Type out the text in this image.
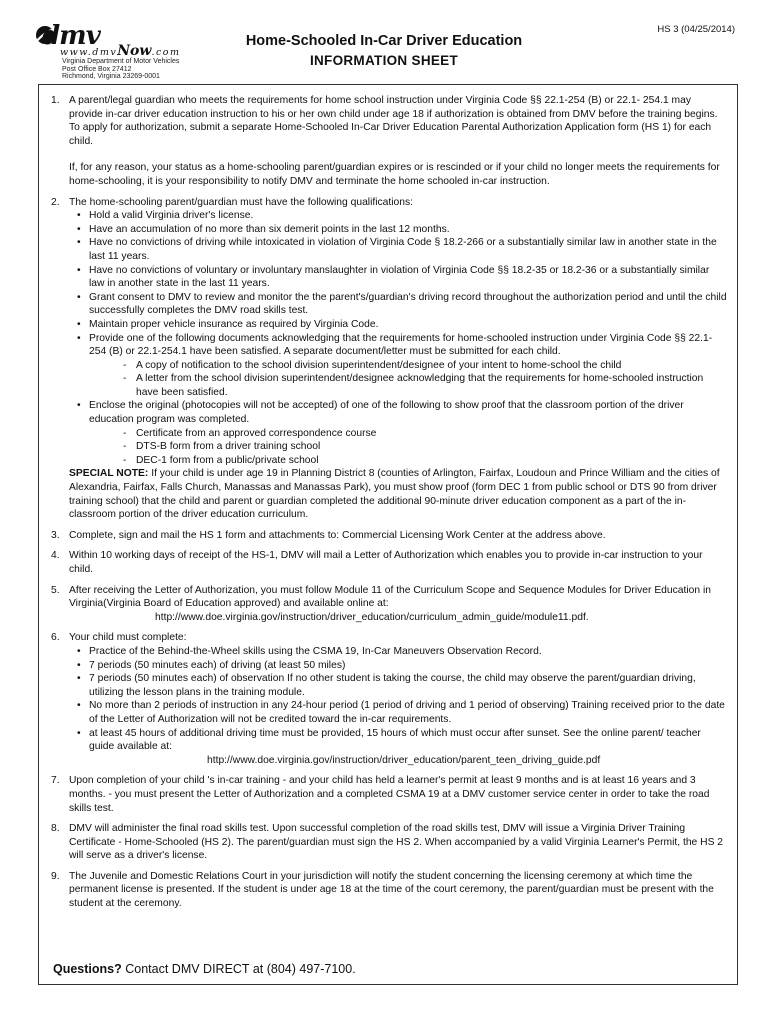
dmv
www.dmvNow.com
Virginia Department of Motor Vehicles
Post Office Box 27412
Richmond, Virginia 23269-0001
Home-Schooled In-Car Driver Education
INFORMATION SHEET
HS 3 (04/25/2014)
1. A parent/legal guardian who meets the requirements for home school instruction under Virginia Code §§ 22.1-254 (B) or 22.1- 254.1 may provide in-car driver education instruction to his or her own child under age 18 if authorization is obtained from DMV before the training begins. To apply for authorization, submit a separate Home-Schooled In-Car Driver Education Parental Authorization Application form (HS 1) for each child.

If, for any reason, your status as a home-schooling parent/guardian expires or is rescinded or if your child no longer meets the requirements for home-schooling, it is your responsibility to notify DMV and terminate the home schooled in-car instruction.

2. The home-schooling parent/guardian must have the following qualifications:

• Hold a valid Virginia driver's license.
• Have an accumulation of no more than six demerit points in the last 12 months.
• Have no convictions of driving while intoxicated in violation of Virginia Code § 18.2-266 or a substantially similar law in another state in the last 11 years.
• Have no convictions of voluntary or involuntary manslaughter in violation of Virginia Code §§ 18.2-35 or 18.2-36 or a substantially similar law in another state in the last 11 years.
• Grant consent to DMV to review and monitor the the parent's/guardian's driving record throughout the authorization period and until the child successfully completes the DMV road skills test.
• Maintain proper vehicle insurance as required by Virginia Code.
• Provide one of the following documents acknowledging that the requirements for home-schooled instruction under Virginia Code §§ 22.1-254 (B) or 22.1-254.1 have been satisfied. A separate document/letter must be submitted for each child.
- A copy of notification to the school division superintendent/designee of your intent to home-school the child
- A letter from the school division superintendent/designee acknowledging that the requirements for home-schooled instruction have been satisfied.
• Enclose the original (photocopies will not be accepted) of one of the following to show proof that the classroom portion of the driver education program was completed.
- Certificate from an approved correspondence course
- DTS-B form from a driver training school
- DEC-1 form from a public/private school

SPECIAL NOTE: If your child is under age 19 in Planning District 8 (counties of Arlington, Fairfax, Loudoun and Prince William and the cities of Alexandria, Fairfax, Falls Church, Manassas and Manassas Park), you must show proof (form DEC 1 from public school or DTS 90 from driver training school) that the child and parent or guardian completed the additional 90-minute driver education component as a part of the in-classroom portion of the driver education curriculum.

3. Complete, sign and mail the HS 1 form and attachments to: Commercial Licensing Work Center at the address above.

4. Within 10 working days of receipt of the HS-1, DMV will mail a Letter of Authorization which enables you to provide in-car instruction to your child.

5. After receiving the Letter of Authorization, you must follow Module 11 of the Curriculum Scope and Sequence Modules for Driver Education in Virginia(Virginia Board of Education approved) and available online at:

http://www.doe.virginia.gov/instruction/driver_education/curriculum_admin_guide/module11.pdf.
6. Your child must complete:

• Practice of the Behind-the-Wheel skills using the CSMA 19, In-Car Maneuvers Observation Record.
• 7 periods (50 minutes each) of driving (at least 50 miles)
• 7 periods (50 minutes each) of observation If no other student is taking the course, the child may observe the parent/guardian driving, utilizing the lesson plans in the training module.
• No more than 2 periods of instruction in any 24-hour period (1 period of driving and 1 period of observing) Training received prior to the date of the Letter of Authorization will not be credited toward the in-car requirements.
• at least 45 hours of additional driving time must be provided, 15 hours of which must occur after sunset. See the online parent/ teacher guide available at:
http://www.doe.virginia.gov/instruction/driver_education/parent_teen_driving_guide.pdf
7. Upon completion of your child 's in-car training - and your child has held a learner's permit at least 9 months and is at least 16 years and 3 months. - you must present the Letter of Authorization and a completed CSMA 19 at a DMV customer service center in order to take the road skills test.

8. DMV will administer the final road skills test. Upon successful completion of the road skills test, DMV will issue a Virginia Driver Training Certificate - Home-Schooled (HS 2). The parent/guardian must sign the HS 2. When accompanied by a valid Virginia Learner's Permit, the HS 2 will serve as a driver's license.

9. The Juvenile and Domestic Relations Court in your jurisdiction will notify the student concerning the licensing ceremony at which time the permanent license is presented. If the student is under age 18 at the time of the court ceremony, the parent/guardian must be present with the student at the ceremony.

Questions? Contact DMV DIRECT at (804) 497-7100.
